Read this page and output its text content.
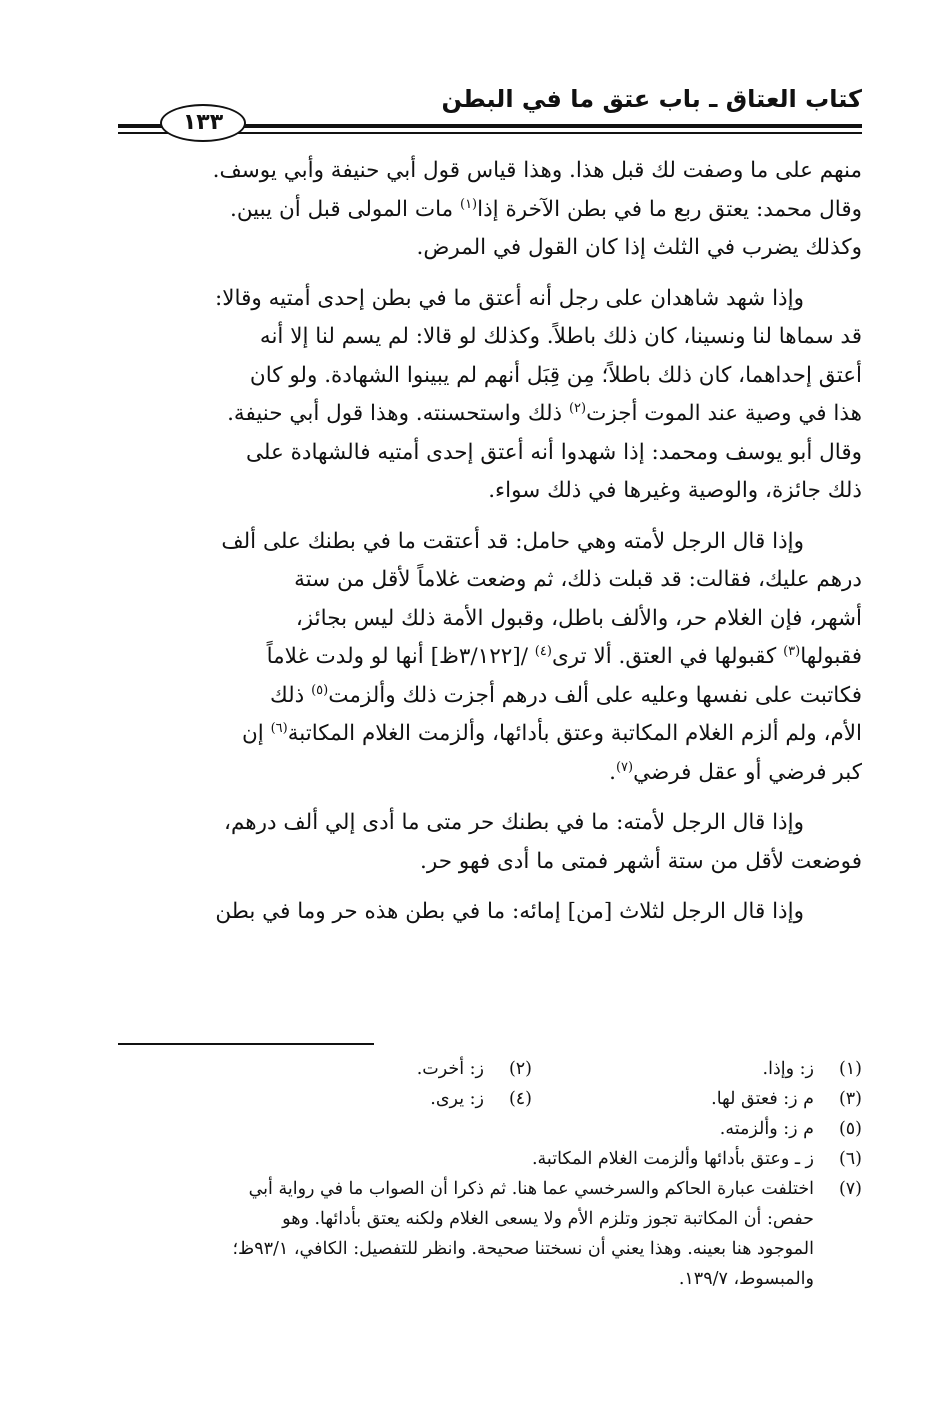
كتاب العتاق ـ باب عتق ما في البطن
١٣٣

منهم على ما وصفت لك قبل هذا. وهذا قياس قول أبي حنيفة وأبي يوسف.
وقال محمد: يعتق ربع ما في بطن الآخرة إذا$^{(١)}$ مات المولى قبل أن يبين.
وكذلك يضرب في الثلث إذا كان القول في المرض.

وإذا شهد شاهدان على رجل أنه أعتق ما في بطن إحدى أمتيه وقالا:
قد سماها لنا ونسينا، كان ذلك باطلاً. وكذلك لو قالا: لم يسم لنا إلا أنه
أعتق إحداهما، كان ذلك باطلاً؛ مِن قِبَل أنهم لم يبينوا الشهادة. ولو كان
هذا في وصية عند الموت أجزت$^{(٢)}$ ذلك واستحسنته. وهذا قول أبي حنيفة.
وقال أبو يوسف ومحمد: إذا شهدوا أنه أعتق إحدى أمتيه فالشهادة على
ذلك جائزة، والوصية وغيرها في ذلك سواء.

وإذا قال الرجل لأمته وهي حامل: قد أعتقت ما في بطنك على ألف
درهم عليك، فقالت: قد قبلت ذلك، ثم وضعت غلاماً لأقل من ستة
أشهر، فإن الغلام حر، والألف باطل، وقبول الأمة ذلك ليس بجائز،
فقبولها$^{(٣)}$ كقبولها في العتق. ألا ترى$^{(٤)}$ /[٣/١٢٢ظ] أنها لو ولدت غلاماً
فكاتبت على نفسها وعليه على ألف درهم أجزت ذلك وألزمت$^{(٥)}$ ذلك
الأم، ولم ألزم الغلام المكاتبة وعتق بأدائها، وألزمت الغلام المكاتبة$^{(٦)}$ إن
كبر فرضي أو عقل فرضي$^{(٧)}$.

وإذا قال الرجل لأمته: ما في بطنك حر متى ما أدى إلي ألف درهم،
فوضعت لأقل من ستة أشهر فمتى ما أدى فهو حر.

وإذا قال الرجل لثلاث [من] إمائه: ما في بطن هذه حر وما في بطن

(١)
ز: وإذا.
(٢)
ز: أخرت.
(٣)
م ز: فعتق لها.
(٤)
ز: يرى.
(٥)
م ز: وألزمته.
(٦)
ز ـ وعتق بأدائها وألزمت الغلام المكاتبة.
(٧)
اختلفت عبارة الحاكم والسرخسي عما هنا. ثم ذكرا أن الصواب ما في رواية أبي
حفص: أن المكاتبة تجوز وتلزم الأم ولا يسعى الغلام ولكنه يعتق بأدائها. وهو
الموجود هنا بعينه. وهذا يعني أن نسختنا صحيحة. وانظر للتفصيل: الكافي، ٩٣/١ظ؛
والمبسوط، ١٣٩/٧.
